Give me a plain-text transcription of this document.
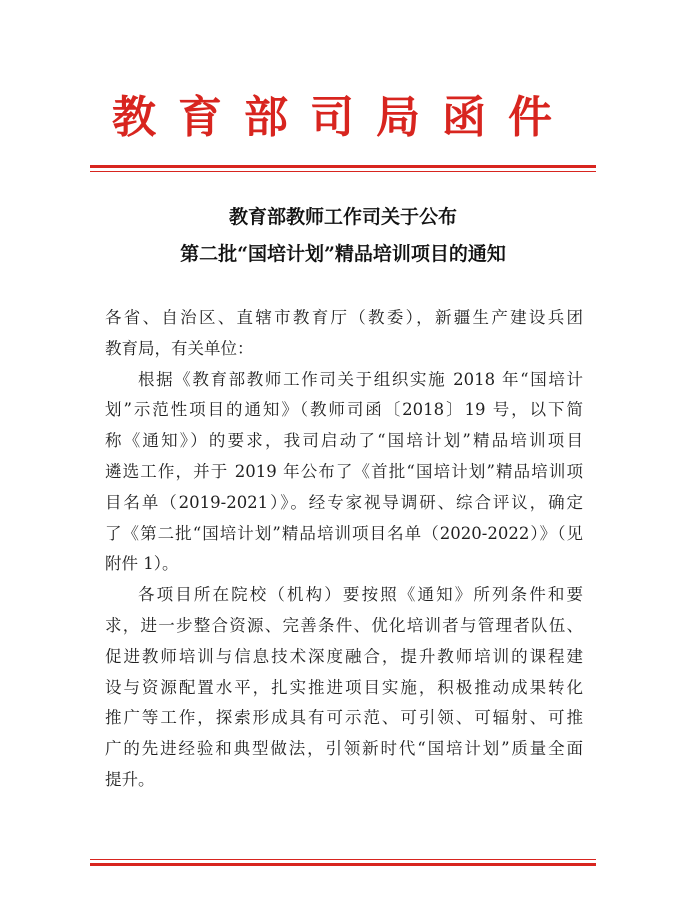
教育部司局函件
教育部教师工作司关于公布
第二批“国培计划”精品培训项目的通知
各省、自治区、直辖市教育厅（教委），新疆生产建设兵团
教育局，有关单位：
根据《教育部教师工作司关于组织实施 2018 年“国培计
划”示范性项目的通知》（教师司函〔2018〕19 号，以下简
称《通知》）的要求，我司启动了“国培计划”精品培训项目
遴选工作，并于 2019 年公布了《首批“国培计划”精品培训项
目名单（2019-2021）》。经专家视导调研、综合评议，确定
了《第二批“国培计划”精品培训项目名单（2020-2022）》（见
附件 1）。
各项目所在院校（机构）要按照《通知》所列条件和要
求，进一步整合资源、完善条件、优化培训者与管理者队伍、
促进教师培训与信息技术深度融合，提升教师培训的课程建
设与资源配置水平，扎实推进项目实施，积极推动成果转化
推广等工作，探索形成具有可示范、可引领、可辐射、可推
广的先进经验和典型做法，引领新时代“国培计划”质量全面
提升。
